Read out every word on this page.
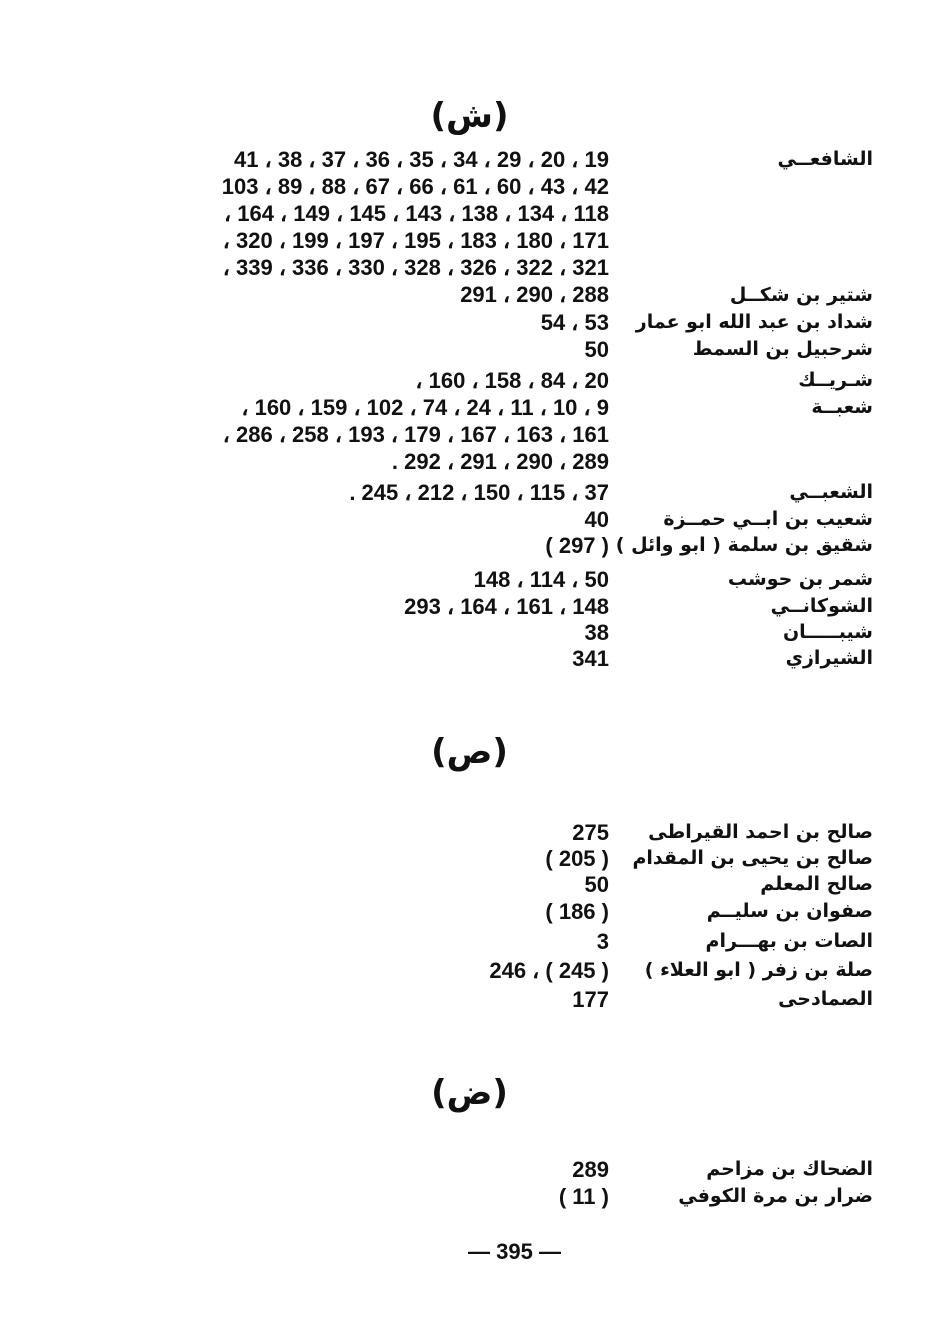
(ش)
الشافعــي
19 ، 20 ، 29 ، 34 ، 35 ، 36 ، 37 ، 38 ، 41
42 ، 43 ، 60 ، 61 ، 66 ، 67 ، 88 ، 89 ، 103
118 ، 134 ، 138 ، 143 ، 145 ، 149 ، 164 ،
171 ، 180 ، 183 ، 195 ، 197 ، 199 ، 320 ،
321 ، 322 ، 326 ، 328 ، 330 ، 336 ، 339 ،
288 ، 290 ، 291	شتير بن شكــل
شداد بن عبد الله ابو عمار
53 ، 54
شرحبيل بن السمط
50
شـريــك
20 ، 84 ، 158 ، 160 ،
شعبــة
9 ، 10 ، 11 ، 24 ، 74 ، 102 ، 159 ، 160 ،
161 ، 163 ، 167 ، 179 ، 193 ، 258 ، 286 ،
289 ، 290 ، 291 ، 292 .
الشعبــي
37 ، 115 ، 150 ، 212 ، 245 .
شعيب بن ابــي حمــزة
40
شقيق بن سلمة ( ابو وائل )
( 297 )
شمر بن حوشب
50 ، 114 ، 148
الشوكانــي
148 ، 161 ، 164 ، 293
شيبـــــان
38
الشيرازي
341
(ص)
صالح بن احمد القيراطى
275
صالح بن يحيى بن المقدام
( 205 )
صالح المعلم
50
صفوان بن سليــم
( 186 )
الصات بن بهـــرام
3
صلة بن زفر ( ابو العلاء )
( 245 ) ، 246
الصمادحى
177
(ض)
الضحاك بن مزاحم
289
ضرار بن مرة الكوفي
( 11 )
— 395 —
